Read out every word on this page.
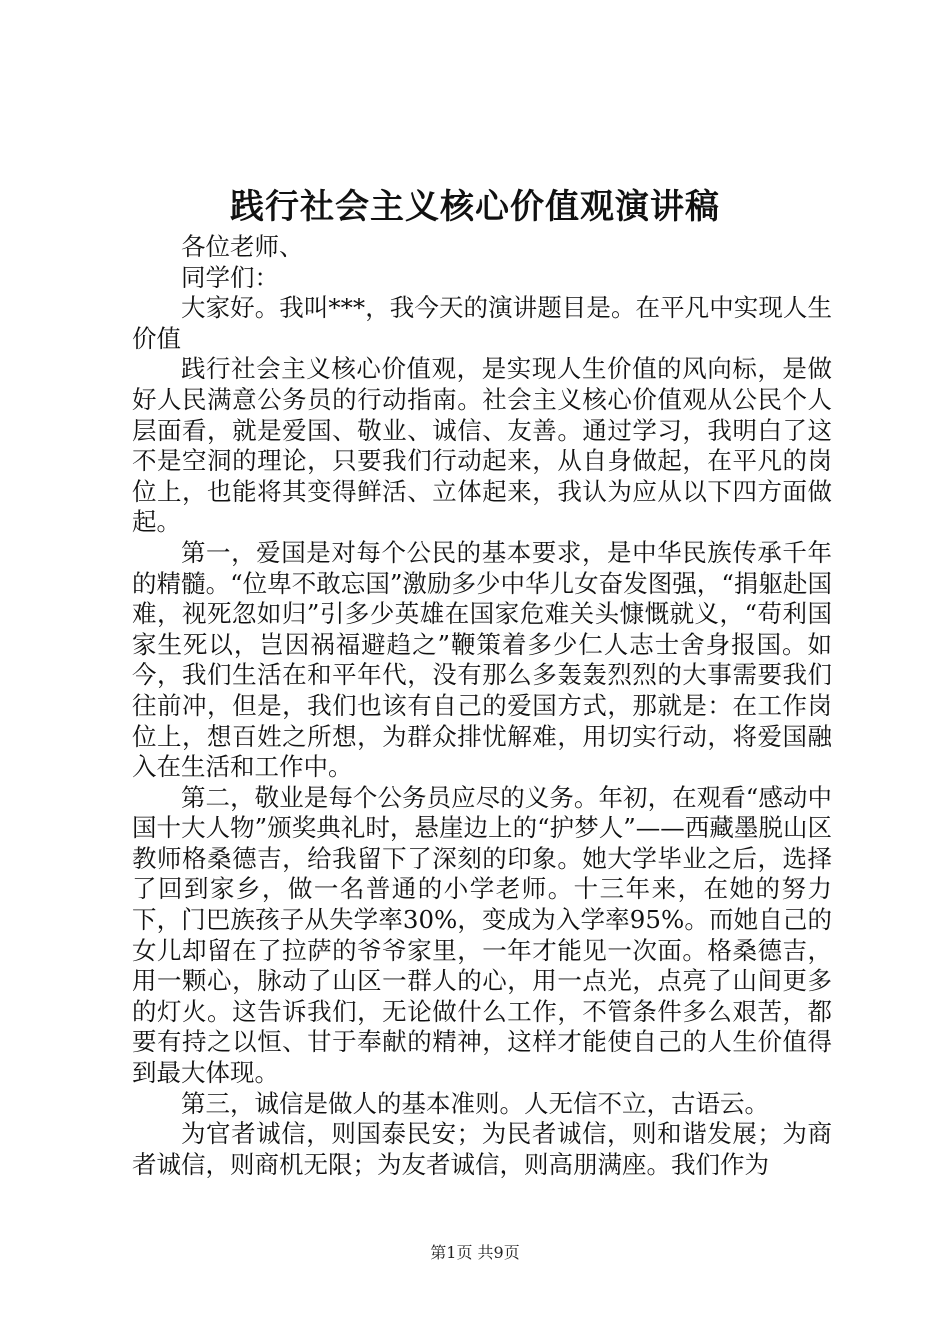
践行社会主义核心价值观演讲稿

各位老师、

同学们：

大家好。我叫***，我今天的演讲题目是。在平凡中实现人生价值

践行社会主义核心价值观，是实现人生价值的风向标，是做好人民满意公务员的行动指南。社会主义核心价值观从公民个人层面看，就是爱国、敬业、诚信、友善。通过学习，我明白了这不是空洞的理论，只要我们行动起来，从自身做起，在平凡的岗位上，也能将其变得鲜活、立体起来，我认为应从以下四方面做起。

第一，爱国是对每个公民的基本要求，是中华民族传承千年的精髓。“位卑不敢忘国”激励多少中华儿女奋发图强，“捐躯赴国难，视死忽如归”引多少英雄在国家危难关头慷慨就义，“苟利国家生死以，岂因祸福避趋之”鞭策着多少仁人志士舍身报国。如今，我们生活在和平年代，没有那么多轰轰烈烈的大事需要我们往前冲，但是，我们也该有自己的爱国方式，那就是：在工作岗位上，想百姓之所想，为群众排忧解难，用切实行动，将爱国融入在生活和工作中。

第二，敬业是每个公务员应尽的义务。年初，在观看“感动中国十大人物”颁奖典礼时，悬崖边上的“护梦人”——西藏墨脱山区教师格桑德吉，给我留下了深刻的印象。她大学毕业之后，选择了回到家乡，做一名普通的小学老师。十三年来，在她的努力下，门巴族孩子从失学率30%，变成为入学率95%。而她自己的女儿却留在了拉萨的爷爷家里，一年才能见一次面。格桑德吉，用一颗心，脉动了山区一群人的心，用一点光，点亮了山间更多的灯火。这告诉我们，无论做什么工作，不管条件多么艰苦，都要有持之以恒、甘于奉献的精神，这样才能使自己的人生价值得到最大体现。

第三，诚信是做人的基本准则。人无信不立，古语云。

为官者诚信，则国泰民安；为民者诚信，则和谐发展；为商者诚信，则商机无限；为友者诚信，则高朋满座。我们作为

第1页 共9页
